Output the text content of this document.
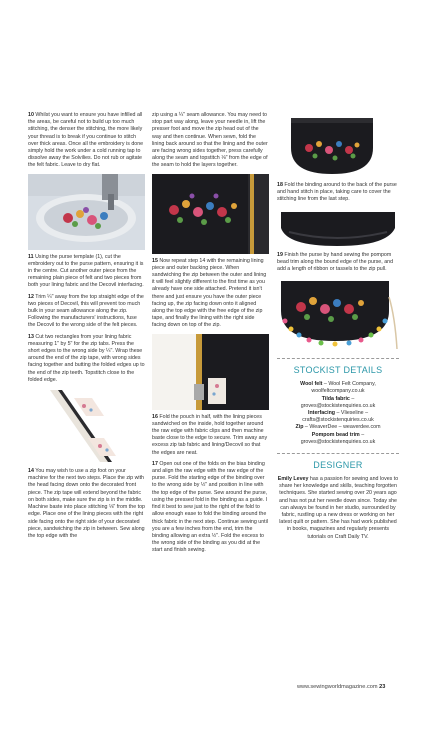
10 Whilst you want to ensure you have infilled all the areas, be careful not to build up too much stitching, the denser the stitching, the more likely your thread is to break if you continue to stitch over thick areas. Once all the embroidery is done simply hold the work under a cold running tap to dissolve away the Solvilies. Do not rub or agitate the felt fabric. Leave to dry flat.

11 Using the purse template (1), cut the embroidery out to the purse pattern, ensuring it is in the centre. Cut another outer piece from the remaining plain piece of felt and two pieces from both your lining fabric and the Decovil interfacing.

12 Trim ¼" away from the top straight edge of the two pieces of Decovil, this will prevent too much bulk in your seam allowance along the zip. Following the manufacturers' instructions, fuse the Decovil to the wrong side of the felt pieces.

13 Cut two rectangles from your lining fabric measuring 1" by 5" for the zip tabs. Press the short edges to the wrong side by ¼". Wrap these around the end of the zip tape, with wrong sides facing together and butting the folded edges up to the end of the zip teeth. Topstitch close to the folded edge.

14 You may wish to use a zip foot on your machine for the next two steps. Place the zip with the head facing down onto the decorated front piece. The zip tape will extend beyond the fabric on both sides, make sure the zip is in the middle. Machine baste into place stitching ⅛" from the top edge. Place one of the lining pieces with the right side facing onto the right side of your decorated piece, sandwiching the zip in between. Sew along the top edge with the

zip using a ¼" seam allowance. You may need to stop part way along, leave your needle in, lift the presser foot and move the zip head out of the way and then continue. When sewn, fold the lining back around so that the lining and the outer are facing wrong sides together, press carefully along the seam and topstitch ⅛" from the edge of the seam to hold the layers together.

15 Now repeat step 14 with the remaining lining piece and outer backing piece. When sandwiching the zip between the outer and lining it will feel slightly different to the first time as you already have one side attached. Pretend it isn't there and just ensure you have the outer piece facing up, the zip facing down onto it aligned along the top edge with the free edge of the zip tape, and finally the lining with the right side facing down on top of the zip.

16 Fold the pouch in half, with the lining pieces sandwiched on the inside, hold together around the raw edge with fabric clips and then machine baste close to the edge to secure. Trim away any excess zip tab fabric and lining/Decovil so that the edges are neat.

17 Open out one of the folds on the bias binding and align the raw edge with the raw edge of the purse. Fold the starting edge of the binding over to the wrong side by ½" and position in line with the top edge of the purse. Sew around the purse, using the pressed fold in the binding as a guide. I find it best to sew just to the right of the fold to allow enough ease to fold the binding around the thick fabric in the next step. Continue sewing until you are a few inches from the end, trim the binding allowing an extra ½". Fold the excess to the wrong side of the binding as you did at the start and finish sewing.

18 Fold the binding around to the back of the purse and hand stitch in place, taking care to cover the stitching line from the last step.

19 Finish the purse by hand sewing the pompom bead trim along the bound edge of the purse, and add a length of ribbon or tassels to the zip pull.

STOCKIST DETAILS

Wool felt – Wool Felt Company,
woolfeltcompany.co.uk
Tilda fabric –
groves@stockistenquiries.co.uk
Interfacing – Vlieseline –
crafts@stockistenquiries.co.uk
Zip – WeaverDee – weaverdee.com
Pompom bead trim –
groves@stockistenquiries.co.uk

DESIGNER

Emily Levey has a passion for sewing and loves to share her knowledge and skills, teaching forgotten techniques. She started sewing over 20 years ago and has not put her needle down since. Today she can always be found in her studio, surrounded by fabric, rustling up a new dress or working on her latest quilt or pattern. She has had work published in books, magazines and regularly presents tutorials on Craft Daily TV.

www.sewingworldmagazine.com 23
